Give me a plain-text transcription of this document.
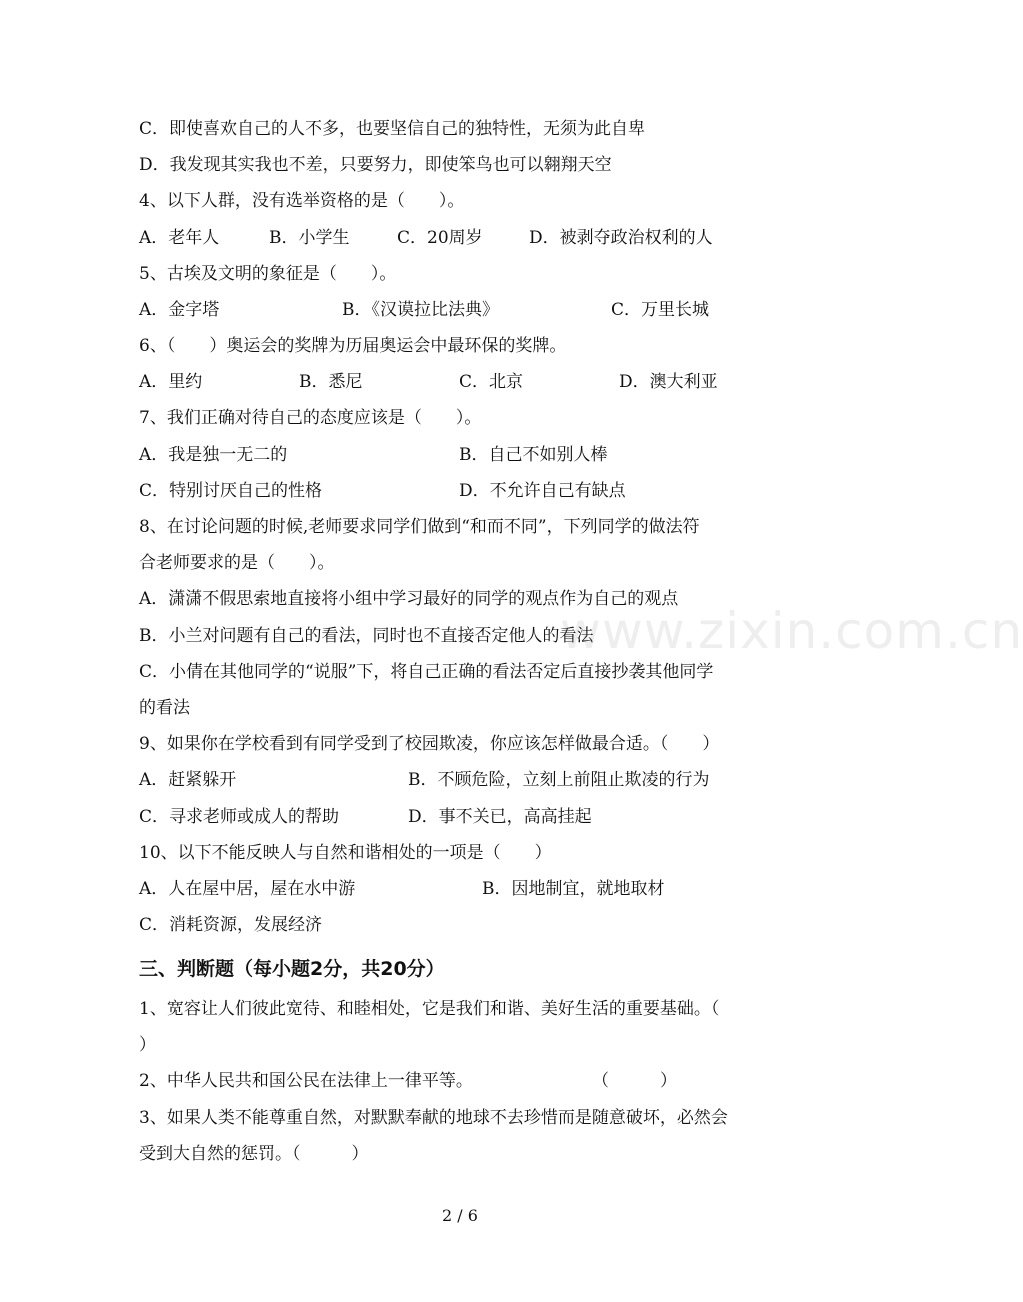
C．即使喜欢自己的人不多，也要坚信自己的独特性，无须为此自卑
D．我发现其实我也不差，只要努力，即使笨鸟也可以翱翔天空
4、以下人群，没有选举资格的是（　　）。
A．老年人	B．小学生	C．20周岁	D．被剥夺政治权利的人
5、古埃及文明的象征是（　　）。
A．金字塔	B．《汉谟拉比法典》	C．万里长城
6、（　　）奥运会的奖牌为历届奥运会中最环保的奖牌。
A．里约	B．悉尼	C．北京	D．澳大利亚
7、我们正确对待自己的态度应该是（　　）。
A．我是独一无二的	B．自己不如别人棒
C．特别讨厌自己的性格	D．不允许自己有缺点
8、在讨论问题的时候,老师要求同学们做到“和而不同”，下列同学的做法符
合老师要求的是（　　）。
A．潇潇不假思索地直接将小组中学习最好的同学的观点作为自己的观点
B．小兰对问题有自己的看法，同时也不直接否定他人的看法
C．小倩在其他同学的“说服”下，将自己正确的看法否定后直接抄袭其他同学
的看法
9、如果你在学校看到有同学受到了校园欺凌，你应该怎样做最合适。（　　）
A．赶紧躲开	B．不顾危险，立刻上前阻止欺凌的行为
C．寻求老师或成人的帮助	D．事不关已，高高挂起
10、以下不能反映人与自然和谐相处的一项是（　　）
A．人在屋中居，屋在水中游	B．因地制宜，就地取材
C．消耗资源，发展经济
三、判断题（每小题2分，共20分）
1、宽容让人们彼此宽待、和睦相处，它是我们和谐、美好生活的重要基础。（
）
2、中华人民共和国公民在法律上一律平等。	（　　　）
3、如果人类不能尊重自然，对默默奉献的地球不去珍惜而是随意破坏，必然会
受到大自然的惩罚。（　　　）
www.zixin.com.cn
2 / 6
